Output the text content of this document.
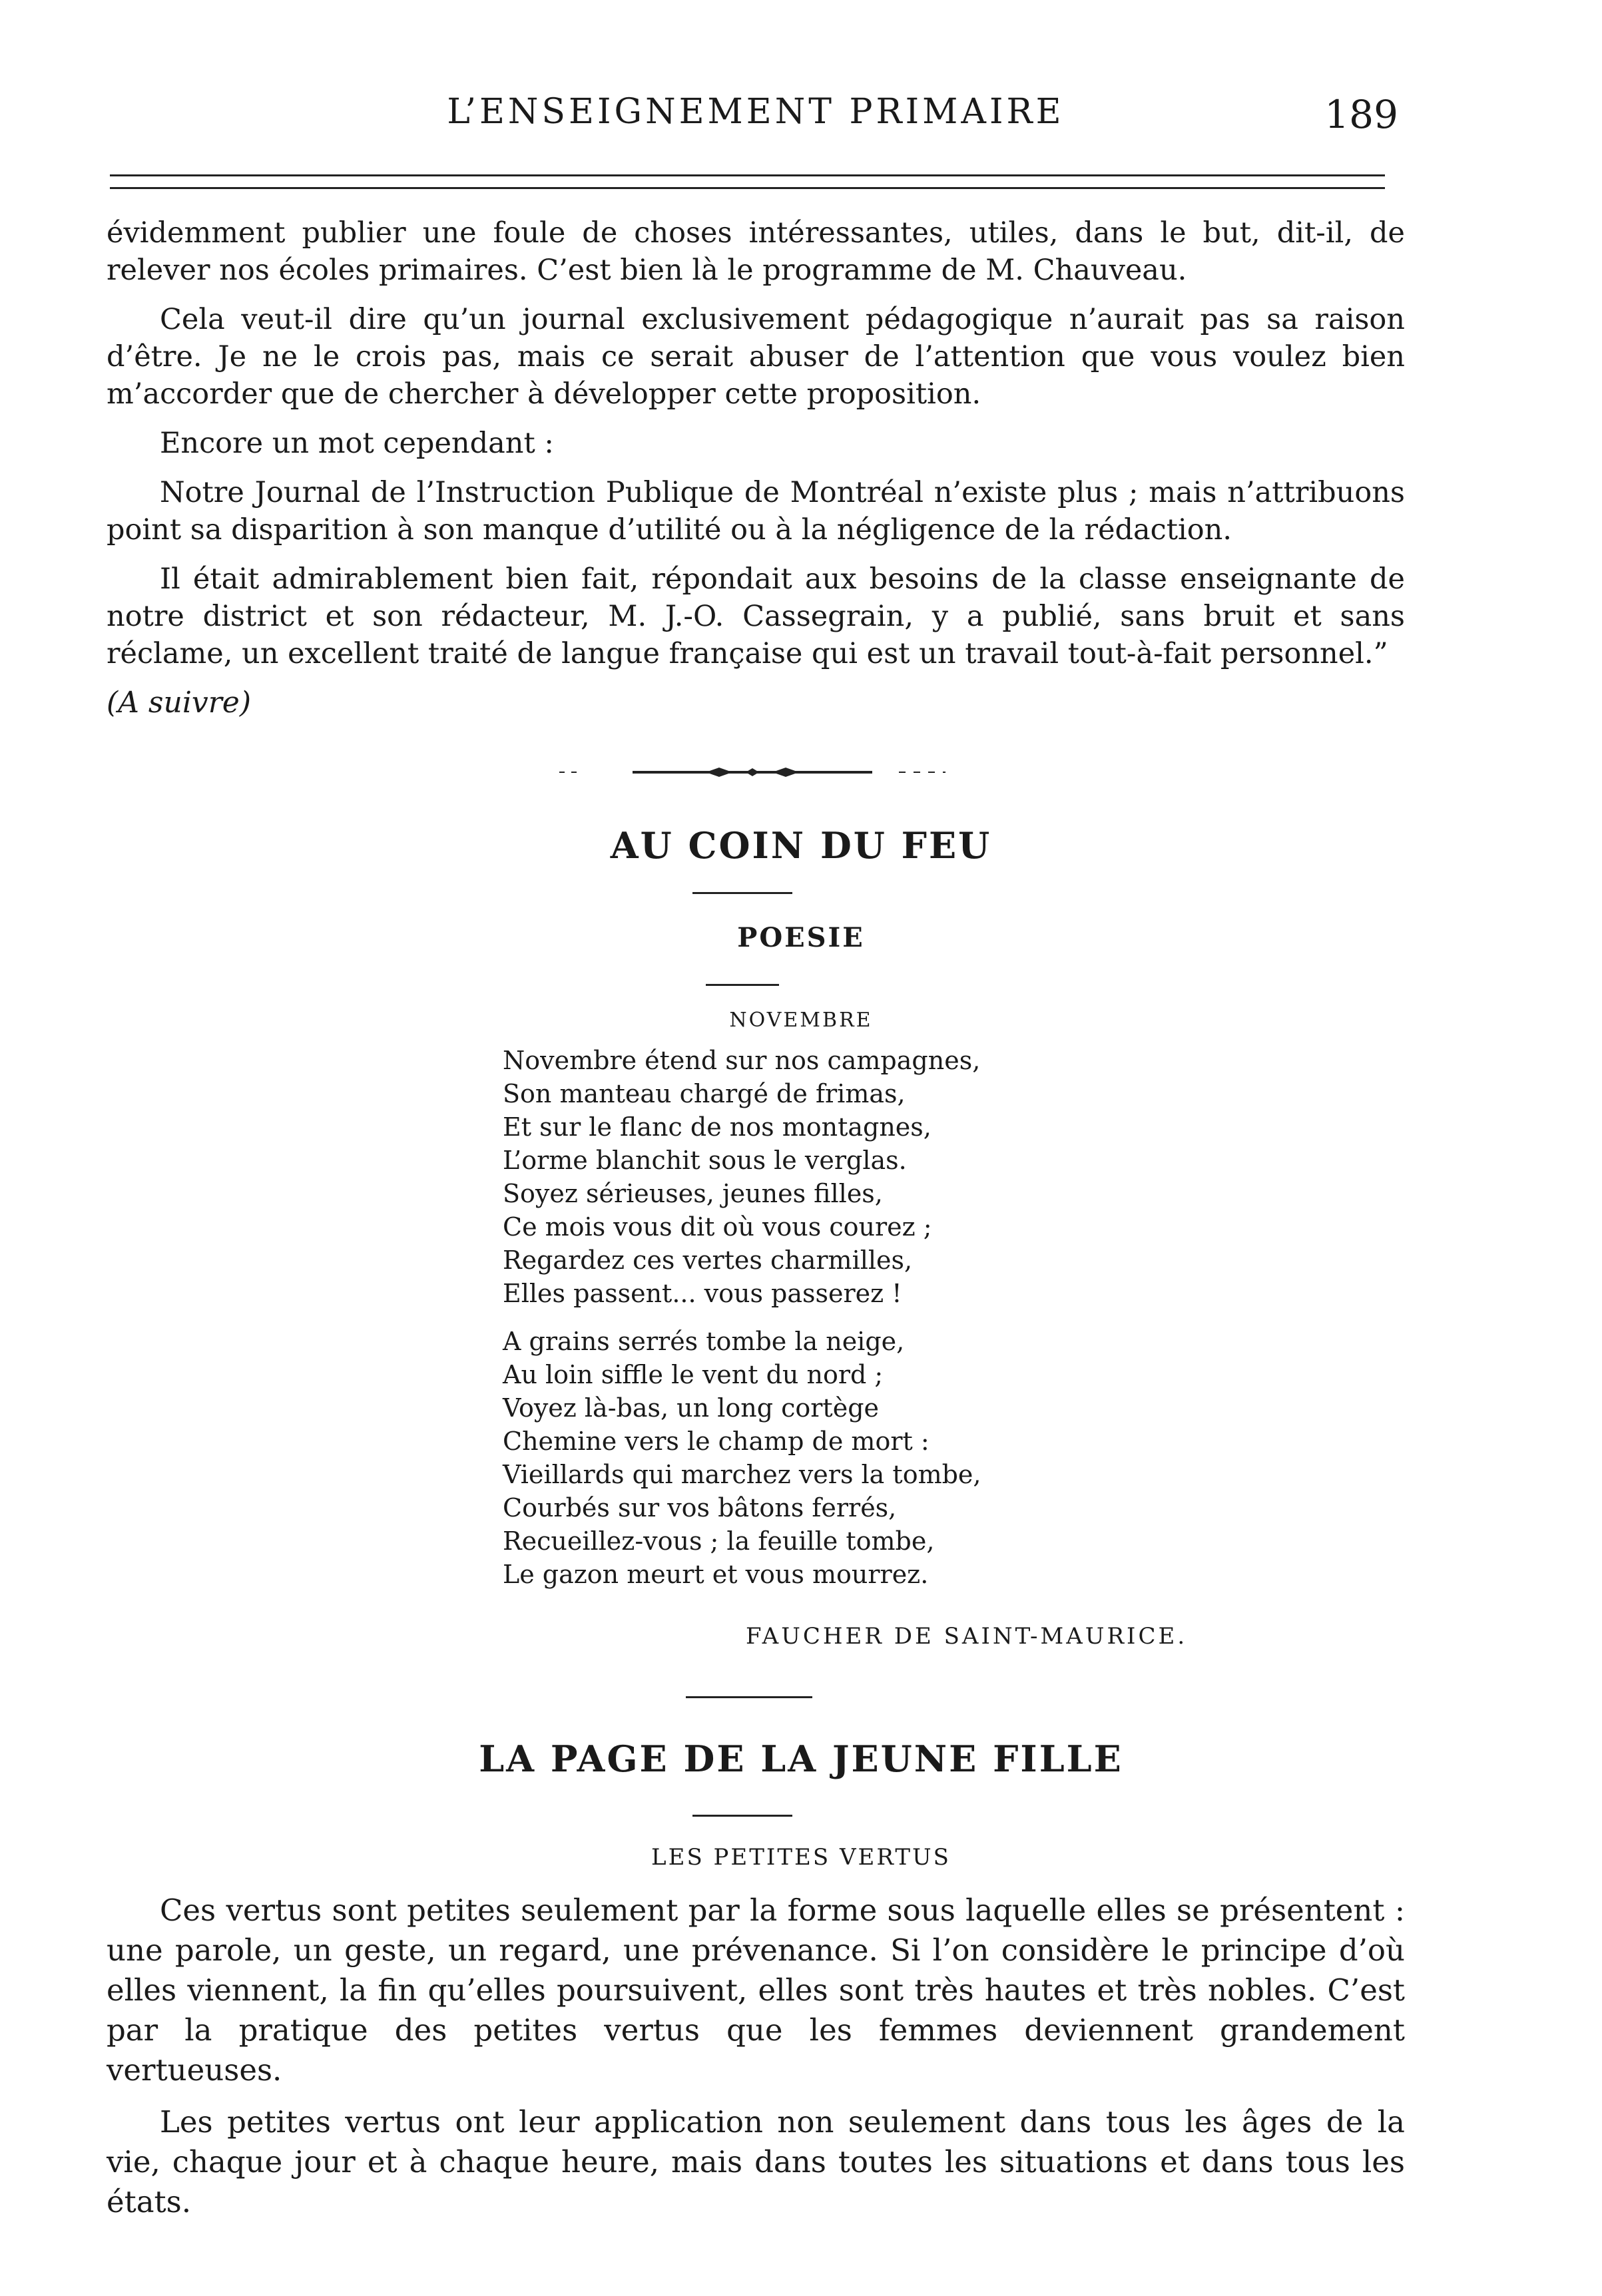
L’ENSEIGNEMENT PRIMAIRE	189

évidemment publier une foule de choses intéressantes, utiles, dans le but, dit-il, de relever nos écoles primaires. C’est bien là le programme de M. Chauveau.

Cela veut-il dire qu’un journal exclusivement pédagogique n’aurait pas sa raison d’être. Je ne le crois pas, mais ce serait abuser de l’attention que vous voulez bien m’accorder que de chercher à développer cette proposition.

Encore un mot cependant :

Notre Journal de l’Instruction Publique de Montréal n’existe plus ; mais n’attribuons point sa disparition à son manque d’utilité ou à la négligence de la rédaction.

Il était admirablement bien fait, répondait aux besoins de la classe enseignante de notre district et son rédacteur, M. J.-O. Cassegrain, y a publié, sans bruit et sans réclame, un excellent traité de langue française qui est un travail tout-à-fait personnel.”

(A suivre)

AU COIN DU FEU
POESIE
NOVEMBRE
Novembre étend sur nos campagnes,
Son manteau chargé de frimas,
Et sur le flanc de nos montagnes,
L’orme blanchit sous le verglas.
Soyez sérieuses, jeunes filles,
Ce mois vous dit où vous courez ;
Regardez ces vertes charmilles,
Elles passent... vous passerez !
A grains serrés tombe la neige,
Au loin siffle le vent du nord ;
Voyez là-bas, un long cortège
Chemine vers le champ de mort :
Vieillards qui marchez vers la tombe,
Courbés sur vos bâtons ferrés,
Recueillez-vous ; la feuille tombe,
Le gazon meurt et vous mourrez.
FAUCHER DE SAINT-MAURICE.
LA PAGE DE LA JEUNE FILLE
LES PETITES VERTUS

Ces vertus sont petites seulement par la forme sous laquelle elles se présentent : une parole, un geste, un regard, une prévenance. Si l’on considère le principe d’où elles viennent, la fin qu’elles poursuivent, elles sont très hautes et très nobles. C’est par la pratique des petites vertus que les femmes deviennent grandement vertueuses.

Les petites vertus ont leur application non seulement dans tous les âges de la vie, chaque jour et à chaque heure, mais dans toutes les situations et dans tous les états.
